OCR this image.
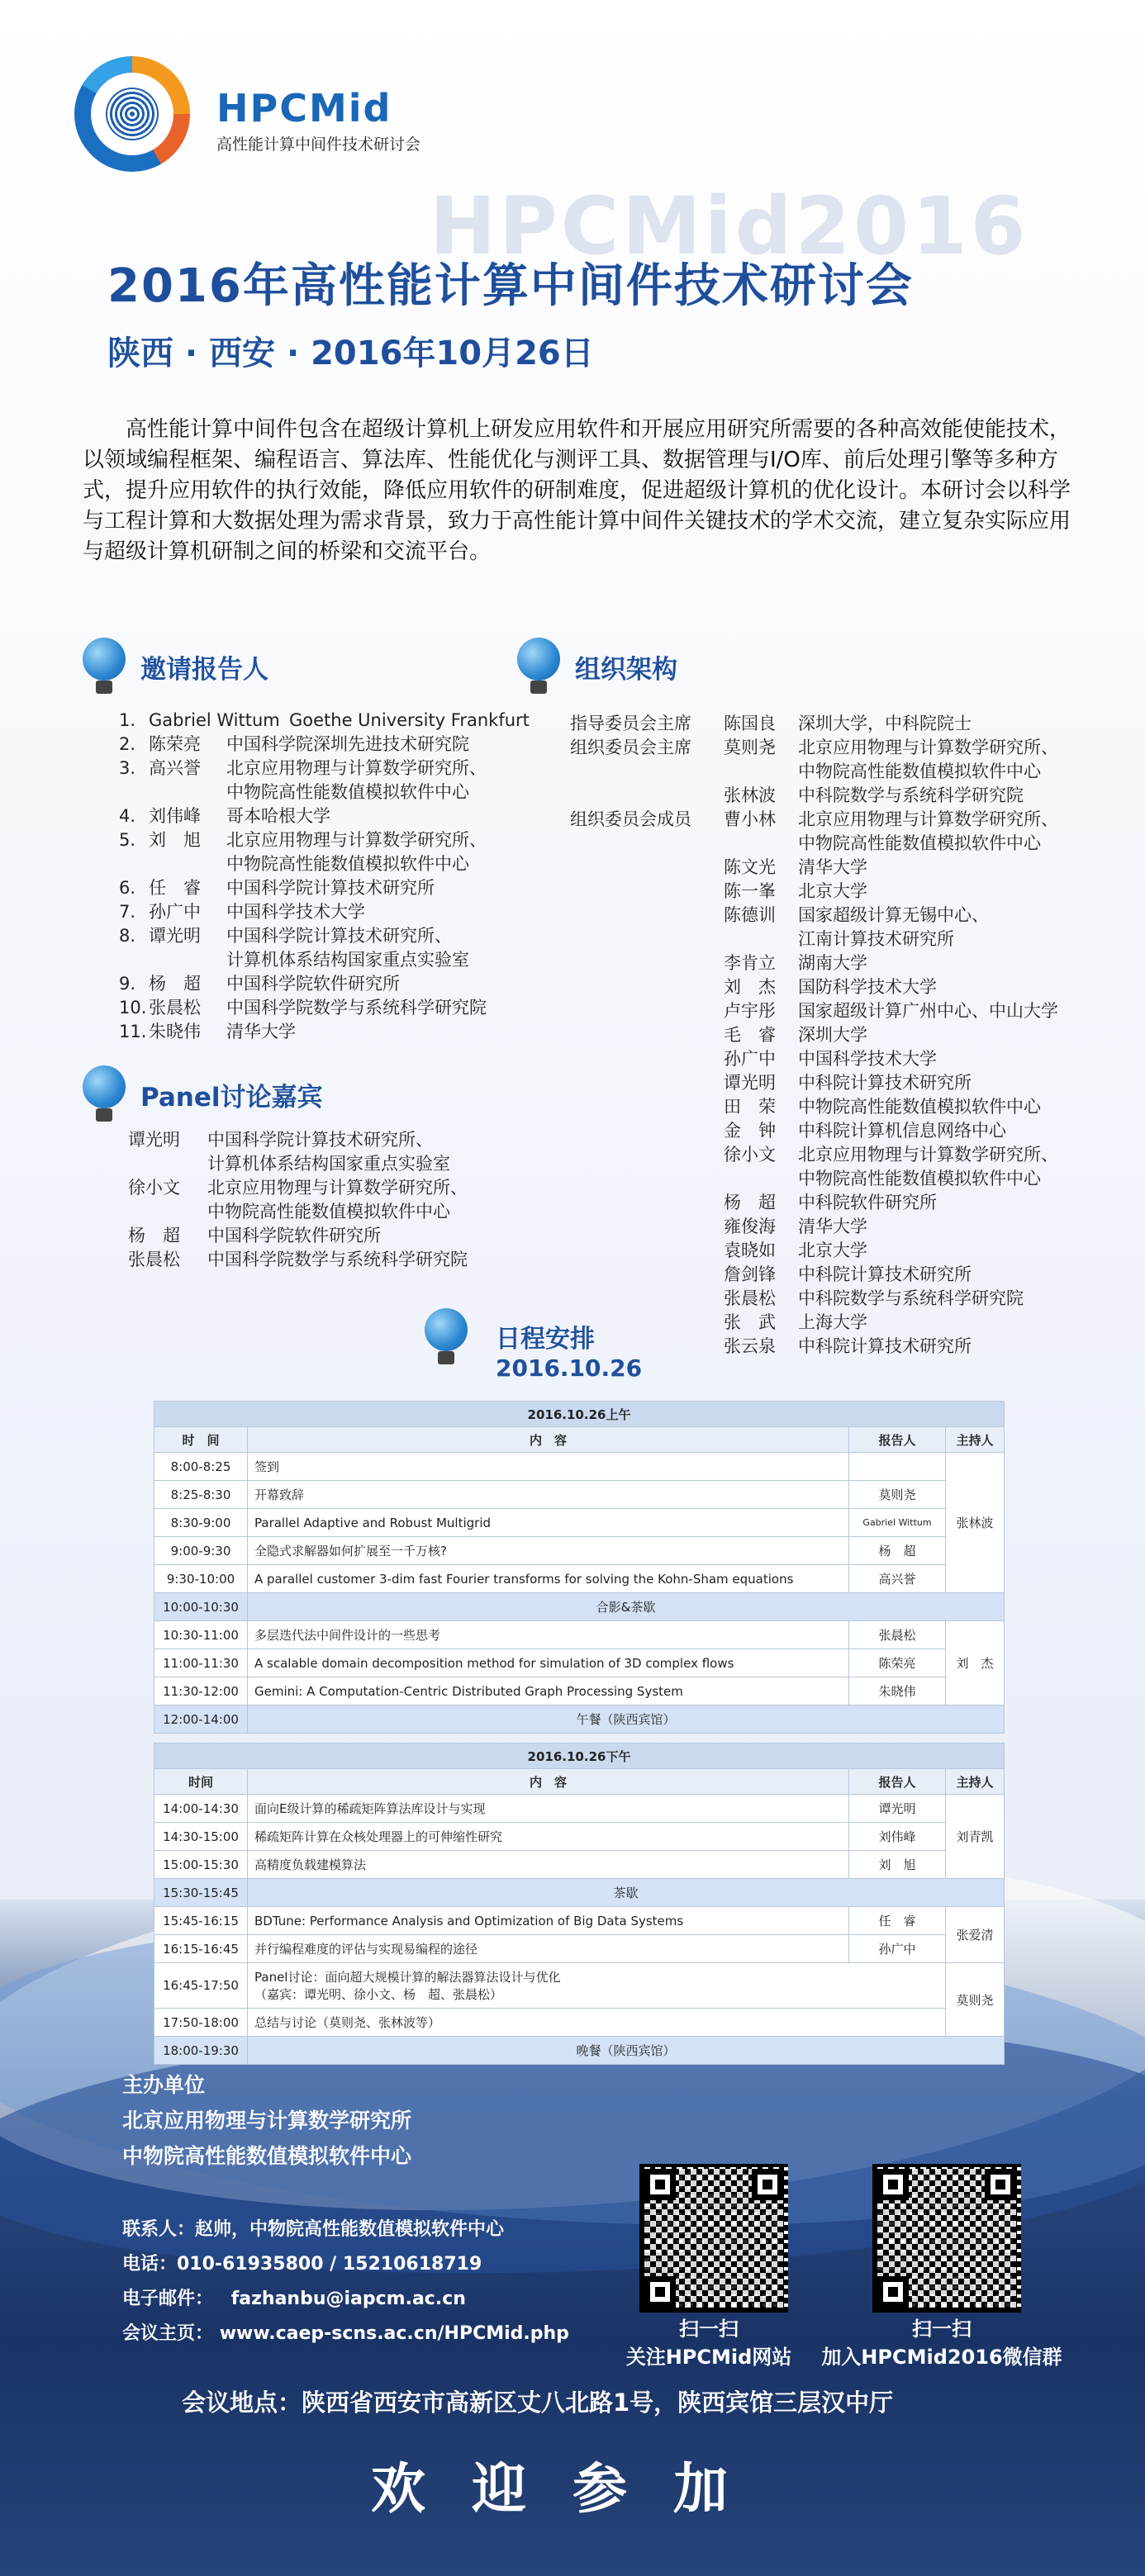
HPCMid
高性能计算中间件技术研讨会
HPCMid2016
2016年高性能计算中间件技术研讨会
陕西 · 西安 · 2016年10月26日
高性能计算中间件包含在超级计算机上研发应用软件和开展应用研究所需要的各种高效能使能技术，以领域编程框架、编程语言、算法库、性能优化与测评工具、数据管理与I/O库、前后处理引擎等多种方式，提升应用软件的执行效能，降低应用软件的研制难度，促进超级计算机的优化设计。本研讨会以科学与工程计算和大数据处理为需求背景，致力于高性能计算中间件关键技术的学术交流，建立复杂实际应用与超级计算机研制之间的桥梁和交流平台。
邀请报告人
1. Gabriel Wittum Goethe University Frankfurt
2. 陈荣亮	中国科学院深圳先进技术研究院
3. 高兴誉	北京应用物理与计算数学研究所、
中物院高性能数值模拟软件中心
4. 刘伟峰	哥本哈根大学
5. 刘　旭	北京应用物理与计算数学研究所、
中物院高性能数值模拟软件中心
6. 任　睿	中国科学院计算技术研究所
7. 孙广中	中国科学技术大学
8. 谭光明	中国科学院计算技术研究所、
计算机体系结构国家重点实验室
9. 杨　超	中国科学院软件研究所
10. 张晨松	中国科学院数学与系统科学研究院
11. 朱晓伟	清华大学
Panel讨论嘉宾
谭光明	中国科学院计算技术研究所、
计算机体系结构国家重点实验室
徐小文	北京应用物理与计算数学研究所、
中物院高性能数值模拟软件中心
杨　超	中国科学院软件研究所
张晨松	中国科学院数学与系统科学研究院
组织架构
指导委员会主席	陈国良	深圳大学，中科院院士
组织委员会主席	莫则尧	北京应用物理与计算数学研究所、
中物院高性能数值模拟软件中心
张林波	中科院数学与系统科学研究院
组织委员会成员	曹小林	北京应用物理与计算数学研究所、
中物院高性能数值模拟软件中心
陈文光	清华大学
陈一峯	北京大学
陈德训	国家超级计算无锡中心、
江南计算技术研究所
李肯立	湖南大学
刘　杰	国防科学技术大学
卢宇彤	国家超级计算广州中心、中山大学
毛　睿	深圳大学
孙广中	中国科学技术大学
谭光明	中科院计算技术研究所
田　荣	中物院高性能数值模拟软件中心
金　钟	中科院计算机信息网络中心
徐小文	北京应用物理与计算数学研究所、
中物院高性能数值模拟软件中心
杨　超	中科院软件研究所
雍俊海	清华大学
袁晓如	北京大学
詹剑锋	中科院计算技术研究所
张晨松	中科院数学与系统科学研究院
张　武	上海大学
张云泉	中科院计算技术研究所
日程安排
2016.10.26
2016.10.26上午			
时　间	内　容	报告人	主持人
8:00-8:25	签到		张林波
8:25-8:30	开幕致辞	莫则尧	
8:30-9:00	Parallel Adaptive and Robust Multigrid	Gabriel Wittum	
9:00-9:30	全隐式求解器如何扩展至一千万核?	杨　超	
9:30-10:00	A parallel customer 3-dim fast Fourier transforms for solving the Kohn-Sham equations	高兴誉	
10:00-10:30	合影&茶歇		
10:30-11:00	多层迭代法中间件设计的一些思考	张晨松	刘　杰
11:00-11:30	A scalable domain decomposition method for simulation of 3D complex flows	陈荣亮	
11:30-12:00	Gemini: A Computation-Centric Distributed Graph Processing System	朱晓伟	
12:00-14:00	午餐（陕西宾馆）		
2016.10.26下午			
时间	内　容	报告人	主持人
14:00-14:30	面向E级计算的稀疏矩阵算法库设计与实现	谭光明	刘青凯
14:30-15:00	稀疏矩阵计算在众核处理器上的可伸缩性研究	刘伟峰	
15:00-15:30	高精度负载建模算法	刘　旭	
15:30-15:45	茶歇		
15:45-16:15	BDTune: Performance Analysis and Optimization of Big Data Systems	任　睿	张爱清
16:15-16:45	并行编程难度的评估与实现易编程的途径	孙广中	
16:45-17:50	Panel讨论：面向超大规模计算的解法器算法设计与优化
（嘉宾：谭光明、徐小文、杨　超、张晨松）		莫则尧
17:50-18:00	总结与讨论（莫则尧、张林波等）		
18:00-19:30	晚餐（陕西宾馆）		
主办单位
北京应用物理与计算数学研究所
中物院高性能数值模拟软件中心
联系人：赵帅，中物院高性能数值模拟软件中心
电话：010-61935800 / 15210618719
电子邮件： fazhanbu@iapcm.ac.cn
会议主页： www.caep-scns.ac.cn/HPCMid.php	扫一扫
关注HPCMid网站
扫一扫
加入HPCMid2016微信群
会议地点：陕西省西安市高新区丈八北路1号，陕西宾馆三层汉中厅
欢迎参加
